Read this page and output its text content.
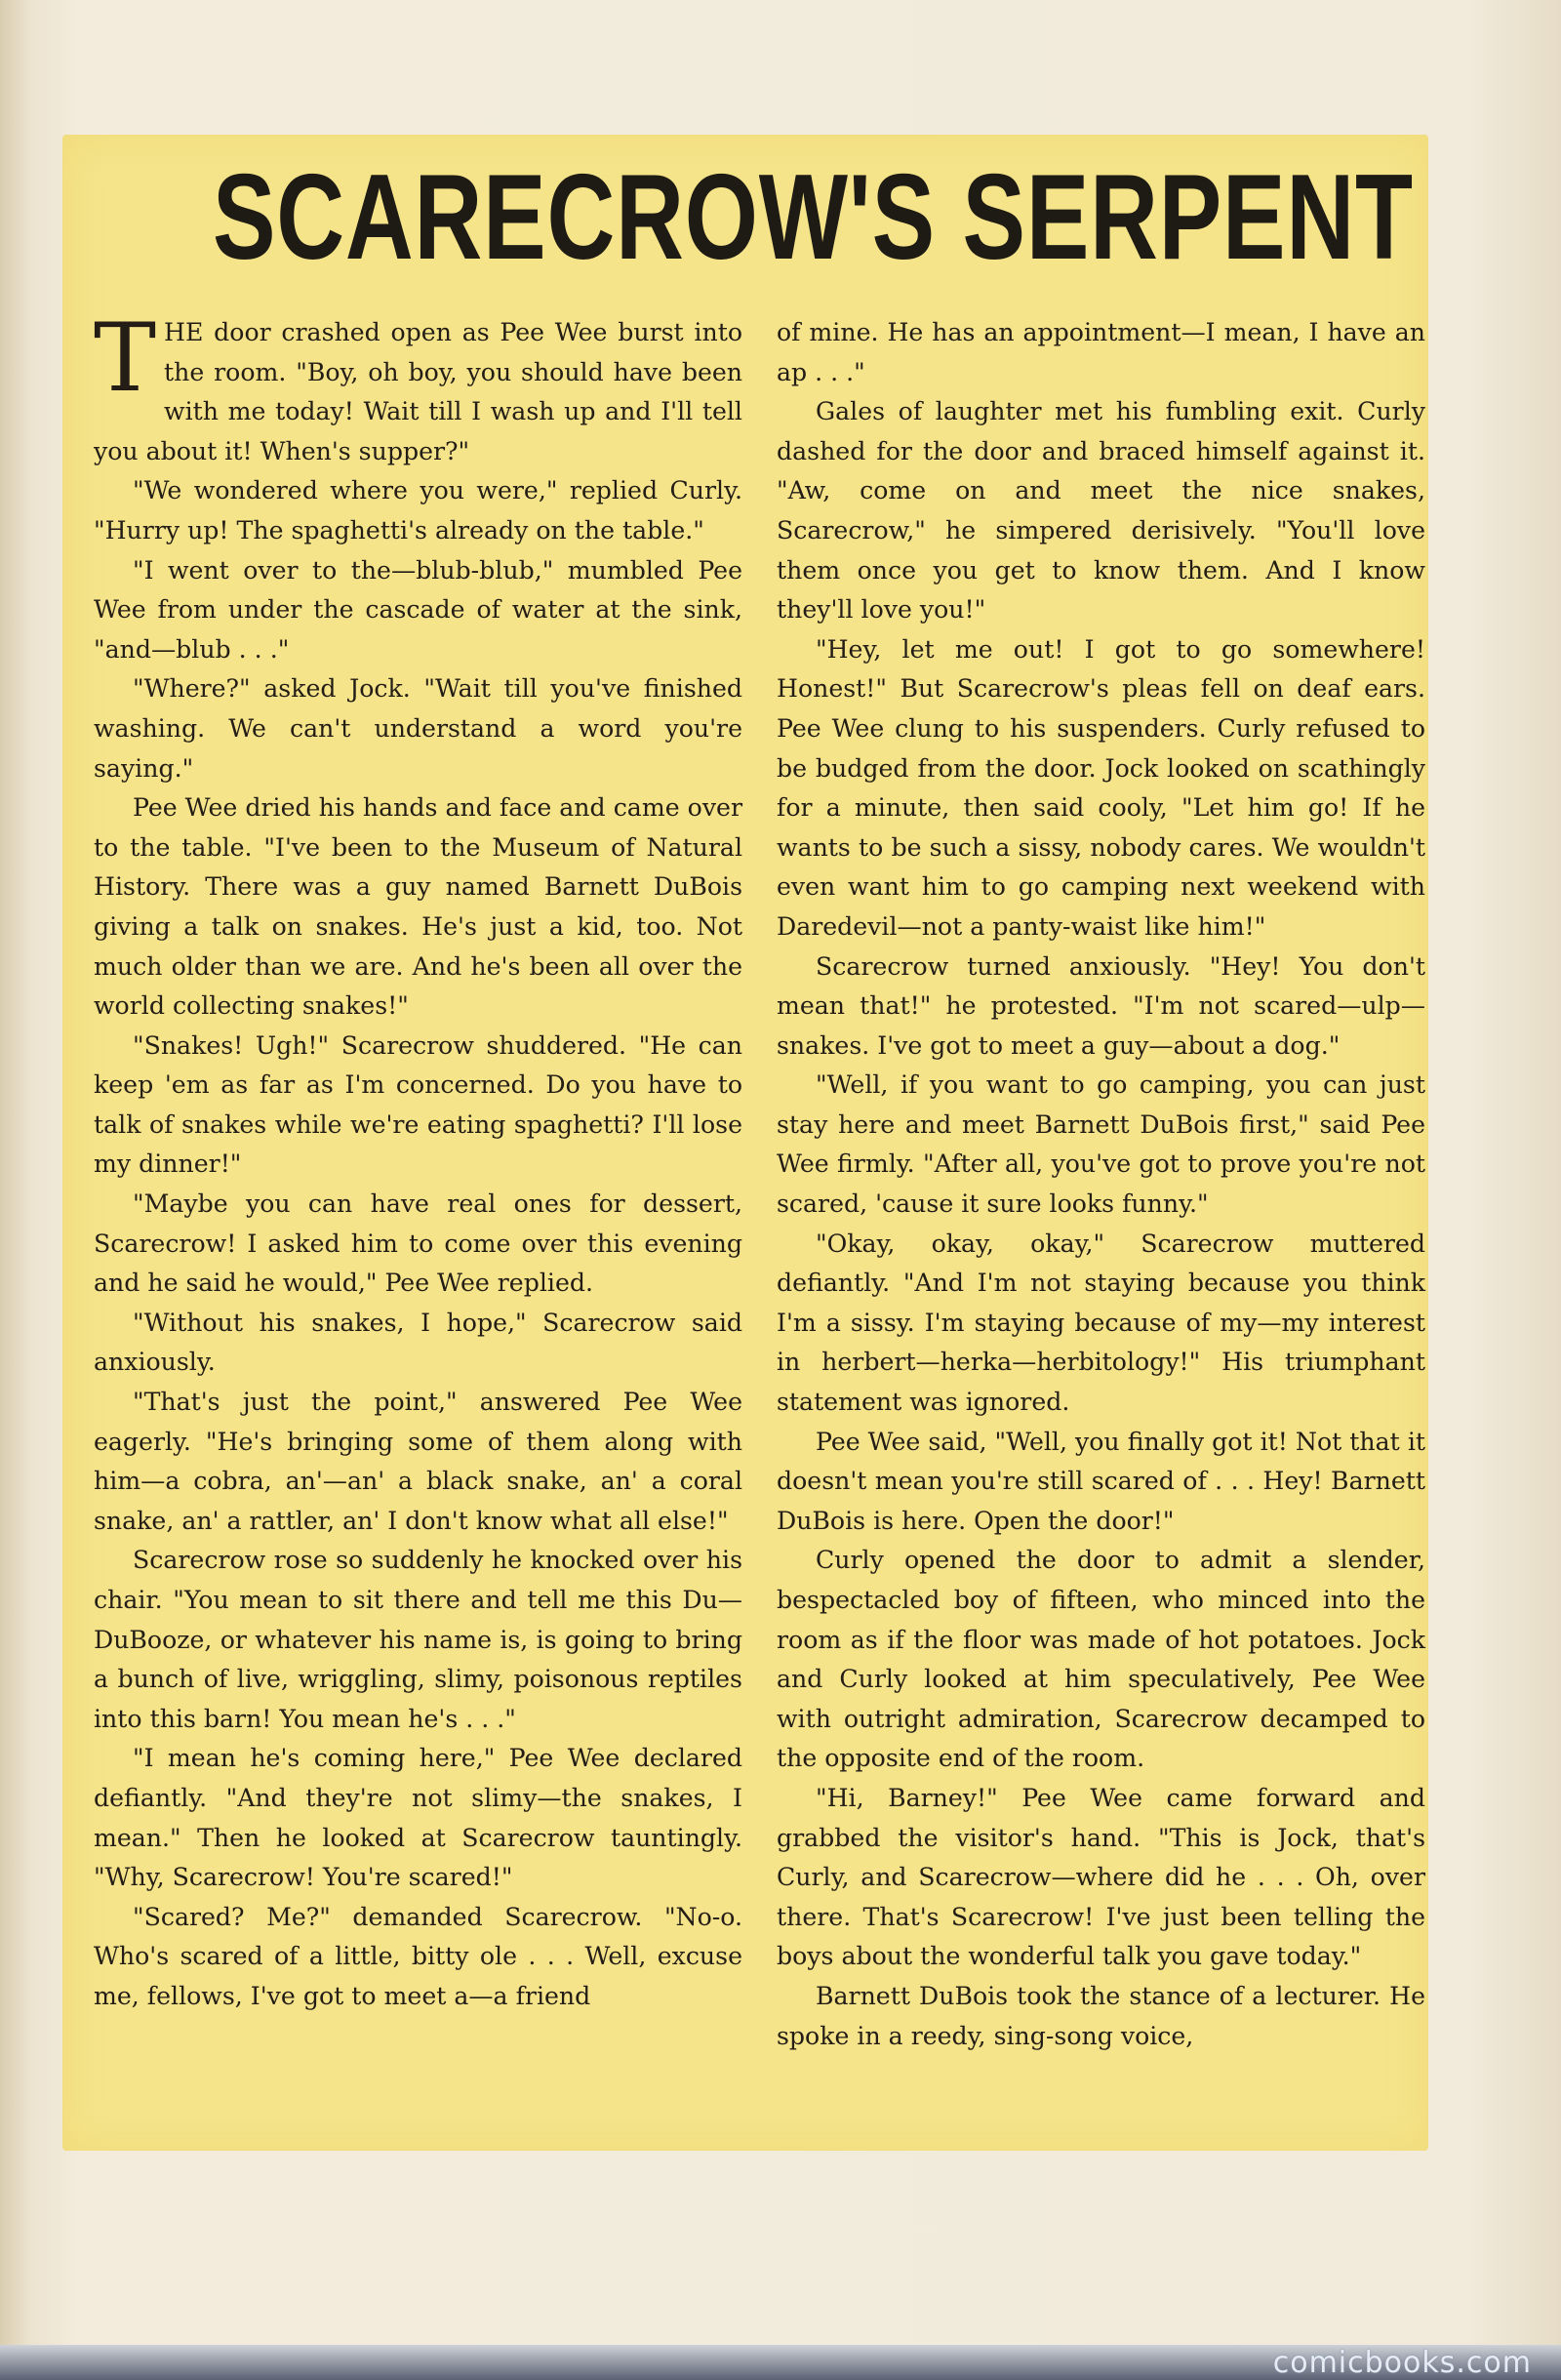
SCARECROW'S SERPENT

THE door crashed open as Pee Wee burst into the room. "Boy, oh boy, you should have been with me today! Wait till I wash up and I'll tell you about it! When's supper?"

"We wondered where you were," replied Curly. "Hurry up! The spaghetti's already on the table."

"I went over to the—blub-blub," mumbled Pee Wee from under the cascade of water at the sink, "and—blub . . ."

"Where?" asked Jock. "Wait till you've finished washing. We can't understand a word you're saying."

Pee Wee dried his hands and face and came over to the table. "I've been to the Museum of Natural History. There was a guy named Barnett DuBois giving a talk on snakes. He's just a kid, too. Not much older than we are. And he's been all over the world collecting snakes!"

"Snakes! Ugh!" Scarecrow shuddered. "He can keep 'em as far as I'm concerned. Do you have to talk of snakes while we're eating spaghetti? I'll lose my dinner!"

"Maybe you can have real ones for dessert, Scarecrow! I asked him to come over this evening and he said he would," Pee Wee replied.

"Without his snakes, I hope," Scarecrow said anxiously.

"That's just the point," answered Pee Wee eagerly. "He's bringing some of them along with him—a cobra, an'—an' a black snake, an' a coral snake, an' a rattler, an' I don't know what all else!"

Scarecrow rose so suddenly he knocked over his chair. "You mean to sit there and tell me this Du—DuBooze, or whatever his name is, is going to bring a bunch of live, wriggling, slimy, poisonous reptiles into this barn! You mean he's . . ."

"I mean he's coming here," Pee Wee declared defiantly. "And they're not slimy—the snakes, I mean." Then he looked at Scarecrow tauntingly. "Why, Scarecrow! You're scared!"

"Scared? Me?" demanded Scarecrow. "No-o. Who's scared of a little, bitty ole . . . Well, excuse me, fellows, I've got to meet a—a friend

of mine. He has an appointment—I mean, I have an ap . . ."

Gales of laughter met his fumbling exit. Curly dashed for the door and braced himself against it. "Aw, come on and meet the nice snakes, Scarecrow," he simpered derisively. "You'll love them once you get to know them. And I know they'll love you!"

"Hey, let me out! I got to go somewhere! Honest!" But Scarecrow's pleas fell on deaf ears. Pee Wee clung to his suspenders. Curly refused to be budged from the door. Jock looked on scathingly for a minute, then said cooly, "Let him go! If he wants to be such a sissy, nobody cares. We wouldn't even want him to go camping next weekend with Daredevil—not a panty-waist like him!"

Scarecrow turned anxiously. "Hey! You don't mean that!" he protested. "I'm not scared—ulp—snakes. I've got to meet a guy—about a dog."

"Well, if you want to go camping, you can just stay here and meet Barnett DuBois first," said Pee Wee firmly. "After all, you've got to prove you're not scared, 'cause it sure looks funny."

"Okay, okay, okay," Scarecrow muttered defiantly. "And I'm not staying because you think I'm a sissy. I'm staying because of my—my interest in herbert—herka—herbitology!" His triumphant statement was ignored.

Pee Wee said, "Well, you finally got it! Not that it doesn't mean you're still scared of . . . Hey! Barnett DuBois is here. Open the door!"

Curly opened the door to admit a slender, bespectacled boy of fifteen, who minced into the room as if the floor was made of hot potatoes. Jock and Curly looked at him speculatively, Pee Wee with outright admiration, Scarecrow decamped to the opposite end of the room.

"Hi, Barney!" Pee Wee came forward and grabbed the visitor's hand. "This is Jock, that's Curly, and Scarecrow—where did he . . . Oh, over there. That's Scarecrow! I've just been telling the boys about the wonderful talk you gave today."

Barnett DuBois took the stance of a lecturer. He spoke in a reedy, sing-song voice,

comicbooks.com
